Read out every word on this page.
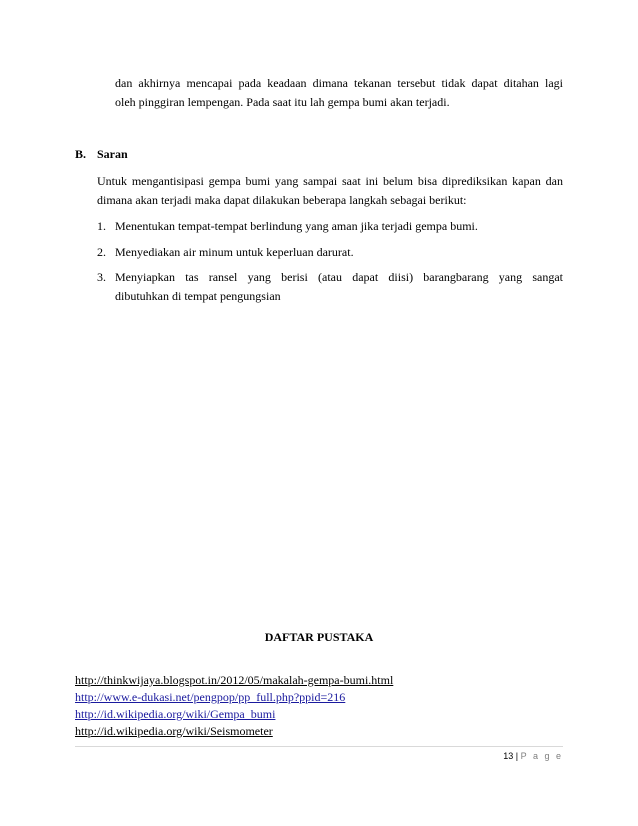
dan akhirnya mencapai pada keadaan dimana tekanan tersebut tidak dapat ditahan lagi
oleh pinggiran lempengan. Pada saat itu lah gempa bumi akan terjadi.
B. Saran
Untuk mengantisipasi gempa bumi yang sampai saat ini belum bisa diprediksikan kapan dan
dimana akan terjadi maka dapat dilakukan beberapa langkah sebagai berikut:
1. Menentukan tempat-tempat berlindung yang aman jika terjadi gempa bumi.
2. Menyediakan air minum untuk keperluan darurat.
3. Menyiapkan tas ransel yang berisi (atau dapat diisi) barangbarang yang sangat
dibutuhkan di tempat pengungsian
DAFTAR PUSTAKA
http://thinkwijaya.blogspot.in/2012/05/makalah-gempa-bumi.html
http://www.e-dukasi.net/pengpop/pp_full.php?ppid=216
http://id.wikipedia.org/wiki/Gempa_bumi
http://id.wikipedia.org/wiki/Seismometer
13 | P a g e
